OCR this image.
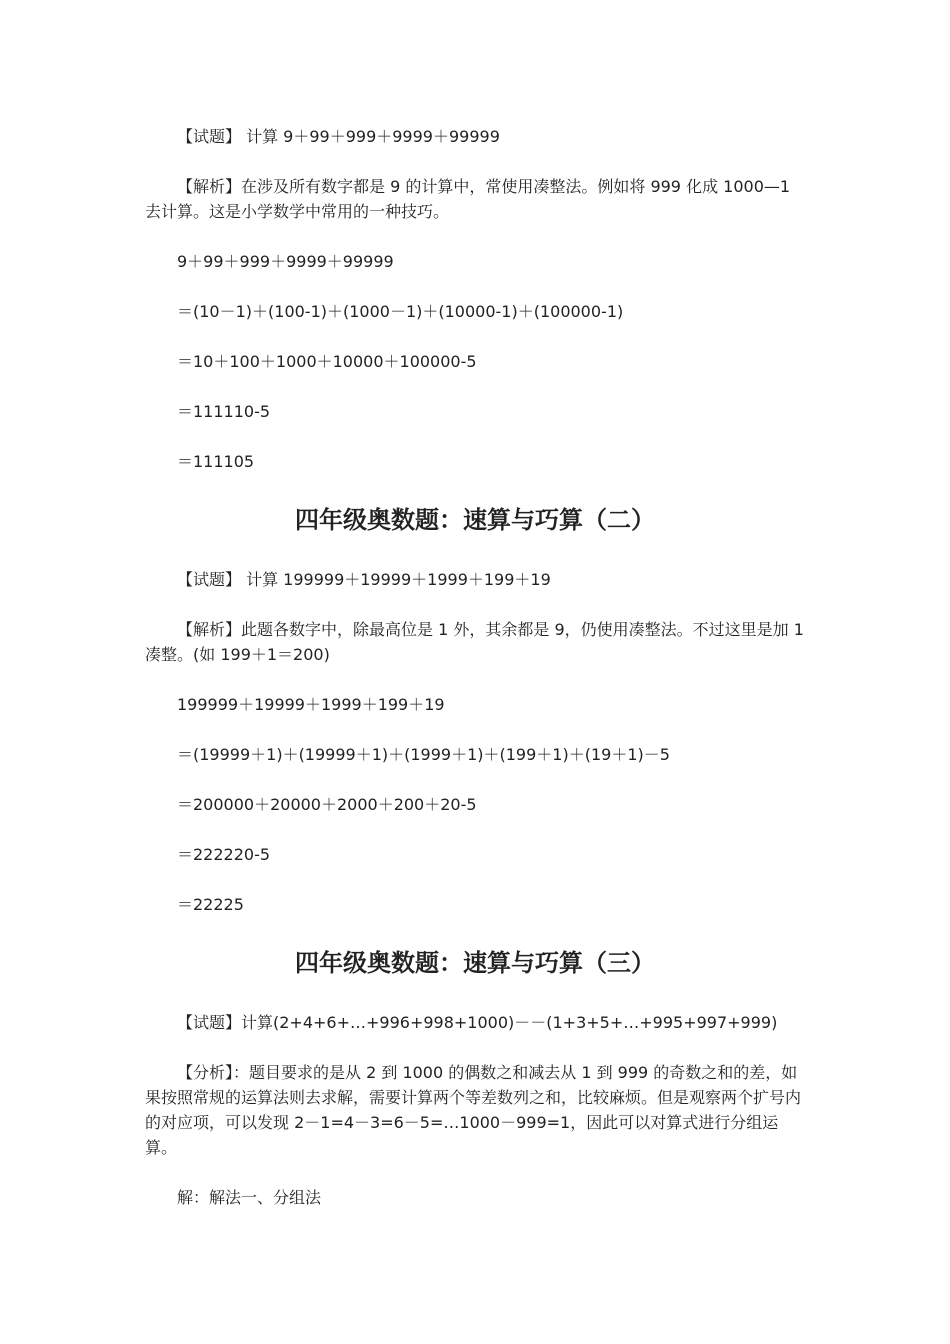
【试题】 计算 9＋99＋999＋9999＋99999

【解析】在涉及所有数字都是 9 的计算中，常使用凑整法。例如将 999 化成 1000—1 去计算。这是小学数学中常用的一种技巧。

9＋99＋999＋9999＋99999

＝(10－1)＋(100-1)＋(1000－1)＋(10000-1)＋(100000-1)

＝10＋100＋1000＋10000＋100000-5

＝111110-5

＝111105

四年级奥数题：速算与巧算（二）

【试题】 计算 199999＋19999＋1999＋199＋19

【解析】此题各数字中，除最高位是 1 外，其余都是 9，仍使用凑整法。不过这里是加 1 凑整。(如 199＋1＝200)

199999＋19999＋1999＋199＋19

＝(19999＋1)＋(19999＋1)＋(1999＋1)＋(199＋1)＋(19＋1)－5

＝200000＋20000＋2000＋200＋20-5

＝222220-5

＝22225

四年级奥数题：速算与巧算（三）

【试题】计算(2+4+6+…+996+998+1000)－－(1+3+5+…+995+997+999)

【分析】：题目要求的是从 2 到 1000 的偶数之和减去从 1 到 999 的奇数之和的差，如果按照常规的运算法则去求解，需要计算两个等差数列之和，比较麻烦。但是观察两个扩号内的对应项，可以发现 2－1=4－3=6－5=…1000－999=1，因此可以对算式进行分组运算。

解：解法一、分组法
